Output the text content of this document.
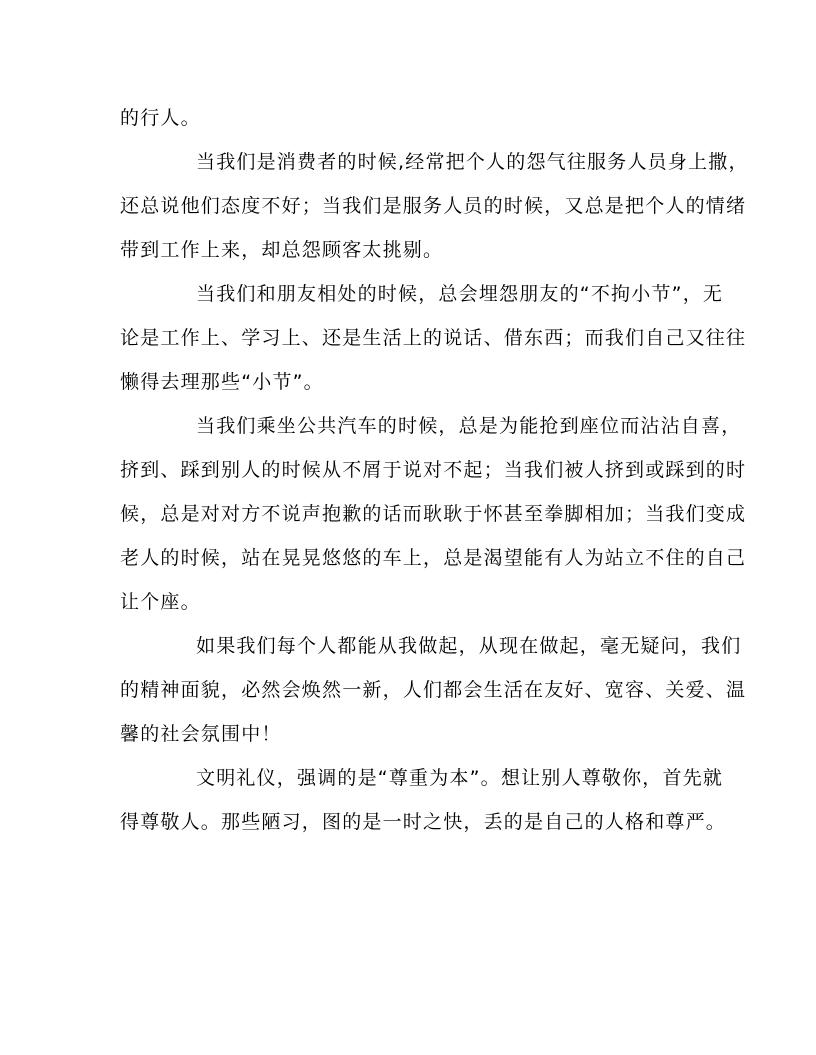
的行人。
当我们是消费者的时候,经常把个人的怨气往服务人员身上撒，
还总说他们态度不好；当我们是服务人员的时候，又总是把个人的情绪
带到工作上来，却总怨顾客太挑剔。
当我们和朋友相处的时候，总会埋怨朋友的“不拘小节”，无
论是工作上、学习上、还是生活上的说话、借东西；而我们自己又往往
懒得去理那些“小节”。
当我们乘坐公共汽车的时候，总是为能抢到座位而沾沾自喜，
挤到、踩到别人的时候从不屑于说对不起；当我们被人挤到或踩到的时
候，总是对对方不说声抱歉的话而耿耿于怀甚至拳脚相加；当我们变成
老人的时候，站在晃晃悠悠的车上，总是渴望能有人为站立不住的自己
让个座。
如果我们每个人都能从我做起，从现在做起，毫无疑问，我们
的精神面貌，必然会焕然一新，人们都会生活在友好、宽容、关爱、温
馨的社会氛围中！
文明礼仪，强调的是“尊重为本”。想让别人尊敬你，首先就
得尊敬人。那些陋习，图的是一时之快，丢的是自己的人格和尊严。
